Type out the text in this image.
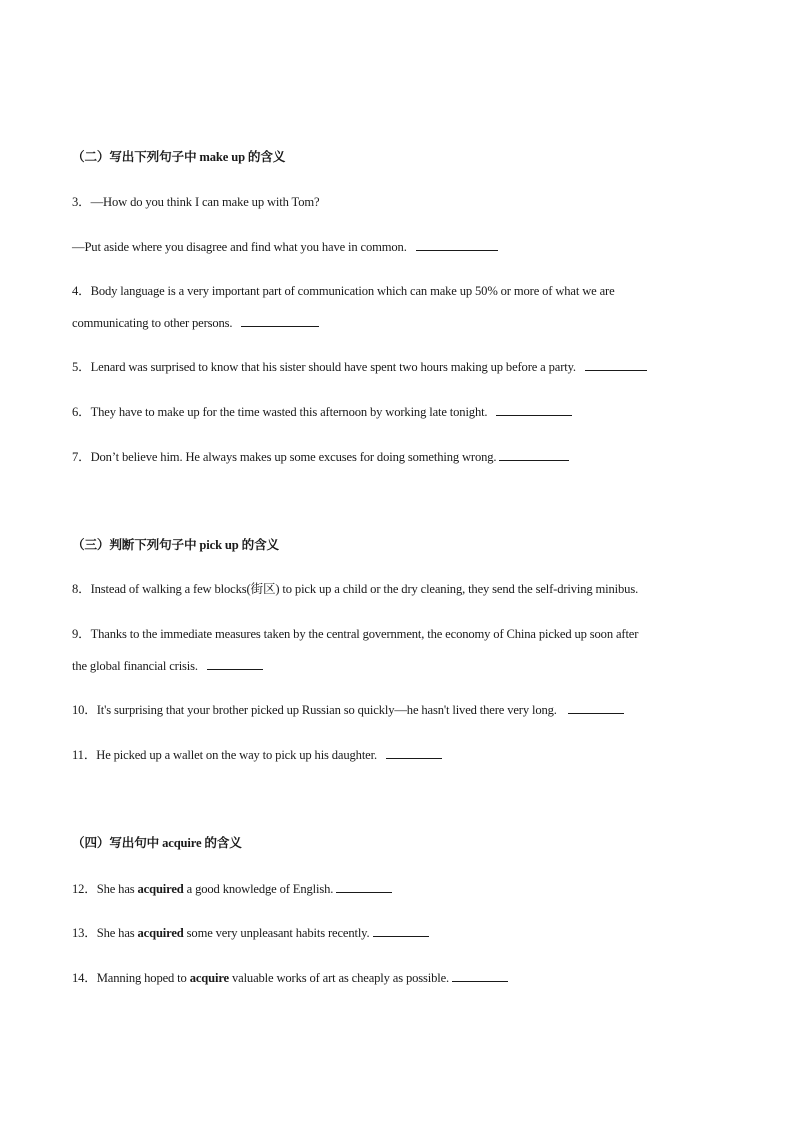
（二）写出下列句子中 make up 的含义
3．—How do you think I can make up with Tom?
—Put aside where you disagree and find what you have in common.
4．Body language is a very important part of communication which can make up 50% or more of what we are
communicating to other persons.
5．Lenard was surprised to know that his sister should have spent two hours making up before a party.
6．They have to make up for the time wasted this afternoon by working late tonight.
7．Don’t believe him. He always makes up some excuses for doing something wrong.
（三）判断下列句子中 pick up 的含义
8．Instead of walking a few blocks(街区) to pick up a child or the dry cleaning, they send the self-driving minibus.
9．Thanks to the immediate measures taken by the central government, the economy of China picked up soon after
the global financial crisis.
10．It's surprising that your brother picked up Russian so quickly—he hasn't lived there very long.
11．He picked up a wallet on the way to pick up his daughter.
（四）写出句中 acquire 的含义
12．She has acquired a good knowledge of English.
13．She has acquired some very unpleasant habits recently.
14．Manning hoped to acquire valuable works of art as cheaply as possible.
